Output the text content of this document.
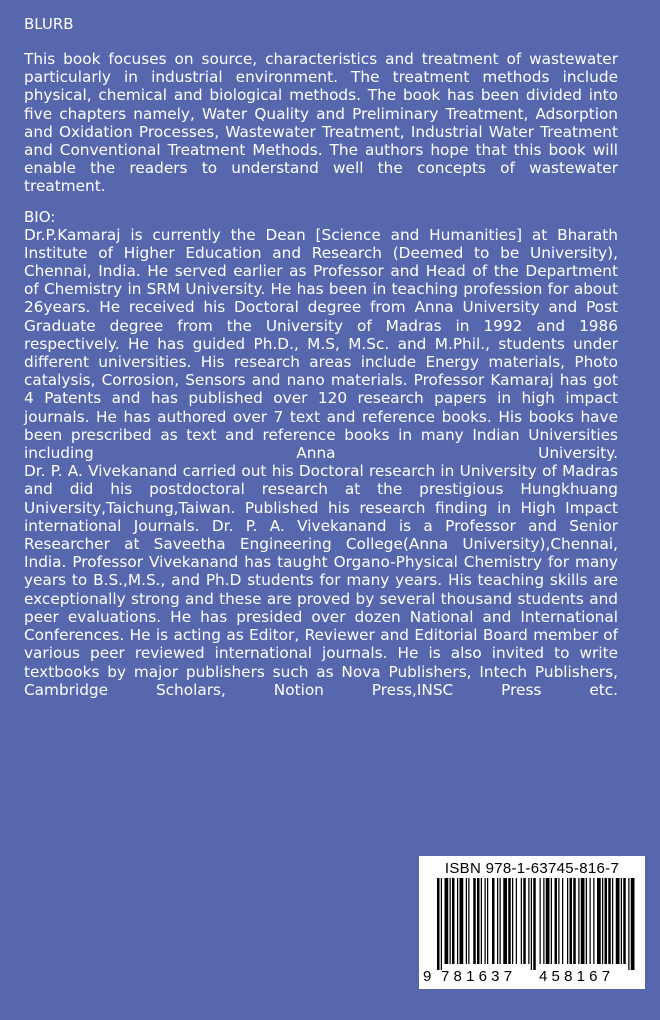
BLURB

This book focuses on source, characteristics and treatment of wastewater particularly in industrial environment. The treatment methods include physical, chemical and biological methods. The book has been divided into five chapters namely, Water Quality and Preliminary Treatment, Adsorption and Oxidation Processes, Wastewater Treatment, Industrial Water Treatment and Conventional Treatment Methods. The authors hope that this book will enable the readers to understand well the concepts of wastewater treatment.

BIO:

Dr.P.Kamaraj is currently the Dean [Science and Humanities] at Bharath Institute of Higher Education and Research (Deemed to be University), Chennai, India. He served earlier as Professor and Head of the Department of Chemistry in SRM University. He has been in teaching profession for about 26years. He received his Doctoral degree from Anna University and Post Graduate degree from the University of Madras in 1992 and 1986 respectively. He has guided Ph.D., M.S, M.Sc. and M.Phil., students under different universities. His research areas include Energy materials, Photo catalysis, Corrosion, Sensors and nano materials. Professor Kamaraj has got 4 Patents and has published over 120 research papers in high impact journals. He has authored over 7 text and reference books. His books have been prescribed as text and reference books in many Indian Universities including Anna University.

Dr. P. A. Vivekanand carried out his Doctoral research in University of Madras and did his postdoctoral research at the prestigious Hungkhuang University,Taichung,Taiwan. Published his research finding in High Impact international Journals. Dr. P. A. Vivekanand is a Professor and Senior Researcher at Saveetha Engineering College(Anna University),Chennai, India. Professor Vivekanand has taught Organo-Physical Chemistry for many years to B.S.,M.S., and Ph.D students for many years. His teaching skills are exceptionally strong and these are proved by several thousand students and peer evaluations. He has presided over dozen National and International Conferences. He is acting as Editor, Reviewer and Editorial Board member of various peer reviewed international journals. He is also invited to write textbooks by major publishers such as Nova Publishers, Intech Publishers, Cambridge Scholars, Notion Press,INSC Press etc.

ISBN 978-1-63745-816-7
9 781637 458167
